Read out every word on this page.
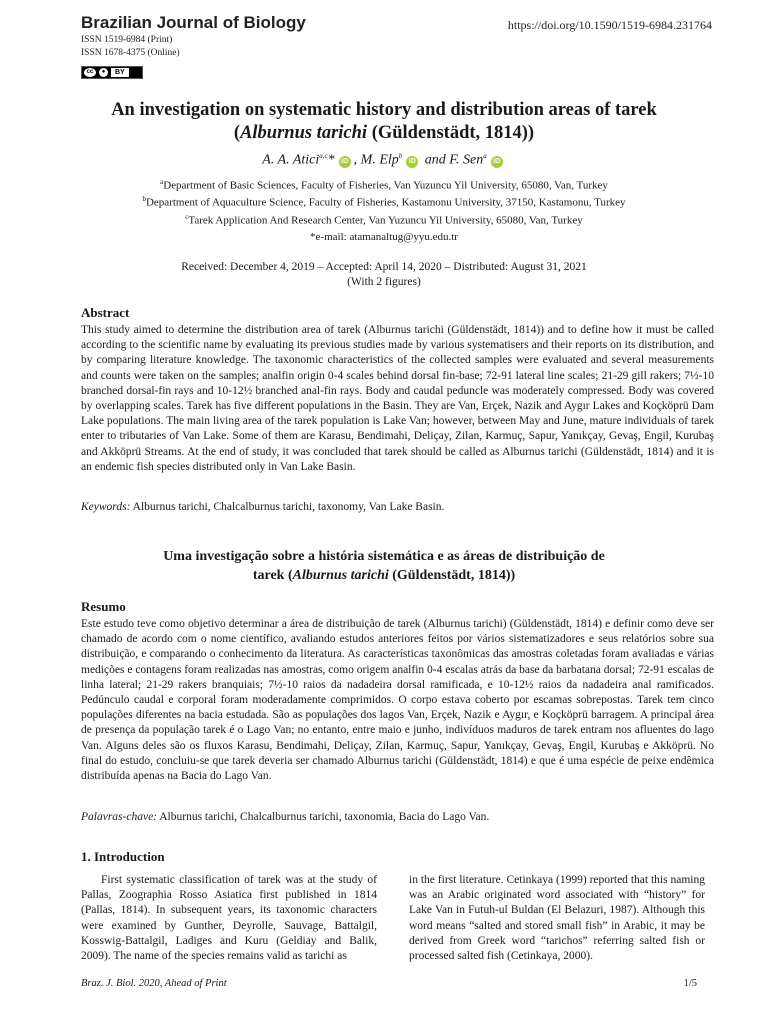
Brazilian Journal of Biology
ISSN 1519-6984 (Print)
ISSN 1678-4375 (Online)
https://doi.org/10.1590/1519-6984.231764
cc	●	BY
An investigation on systematic history and distribution areas of tarek
(Alburnus tarichi (Güldenstädt, 1814))
A. A. Atici$^{a,c}$* iD , M. Elp$^b$iD and F. Sen$^a$iD
$^a$Department of Basic Sciences, Faculty of Fisheries, Van Yuzuncu Yil University, 65080, Van, Turkey
$^b$Department of Aquaculture Science, Faculty of Fisheries, Kastamonu University, 37150, Kastamonu, Turkey
$^c$Tarek Application And Research Center, Van Yuzuncu Yil University, 65080, Van, Turkey
*e-mail: atamanaltug@yyu.edu.tr
Received: December 4, 2019 – Accepted: April 14, 2020 – Distributed: August 31, 2021
(With 2 figures)
Abstract
This study aimed to determine the distribution area of tarek (Alburnus tarichi (Güldenstädt, 1814)) and to define how it must be called according to the scientific name by evaluating its previous studies made by various systematisers and their reports on its distribution, and by comparing literature knowledge. The taxonomic characteristics of the collected samples were evaluated and several measurements and counts were taken on the samples; analfin origin 0-4 scales behind dorsal fin-base; 72-91 lateral line scales; 21-29 gill rakers; 7½-10 branched dorsal-fin rays and 10-12½ branched anal-fin rays. Body and caudal peduncle was moderately compressed. Body was covered by overlapping scales. Tarek has five different populations in the Basin. They are Van, Erçek, Nazik and Aygır Lakes and Koçköprü Dam Lake populations. The main living area of the tarek population is Lake Van; however, between May and June, mature individuals of tarek enter to tributaries of Van Lake. Some of them are Karasu, Bendimahi, Deliçay, Zilan, Karmuç, Sapur, Yanıkçay, Gevaş, Engil, Kurubaş and Akköprü Streams. At the end of study, it was concluded that tarek should be called as Alburnus tarichi (Güldenstädt, 1814) and it is an endemic fish species distributed only in Van Lake Basin.
Keywords: Alburnus tarichi, Chalcalburnus tarichi, taxonomy, Van Lake Basin.
Uma investigação sobre a história sistemática e as áreas de distribuição de
tarek (Alburnus tarichi (Güldenstädt, 1814))
Resumo
Este estudo teve como objetivo determinar a área de distribuição de tarek (Alburnus tarichi) (Güldenstädt, 1814) e definir como deve ser chamado de acordo com o nome científico, avaliando estudos anteriores feitos por vários sistematizadores e seus relatórios sobre sua distribuição, e comparando o conhecimento da literatura. As características taxonômicas das amostras coletadas foram avaliadas e várias medições e contagens foram realizadas nas amostras, como origem analfin 0-4 escalas atrás da base da barbatana dorsal; 72-91 escalas de linha lateral; 21-29 rakers branquiais; 7½-10 raios da nadadeira dorsal ramificada, e 10-12½ raios da nadadeira anal ramificados. Pedúnculo caudal e corporal foram moderadamente comprimidos. O corpo estava coberto por escamas sobrepostas. Tarek tem cinco populações diferentes na bacia estudada. São as populações dos lagos Van, Erçek, Nazik e Aygır, e Koçköprü barragem. A principal área de presença da população tarek é o Lago Van; no entanto, entre maio e junho, indivíduos maduros de tarek entram nos afluentes do lago Van. Alguns deles são os fluxos Karasu, Bendimahi, Deliçay, Zilan, Karmuç, Sapur, Yanıkçay, Gevaş, Engil, Kurubaş e Akköprü. No final do estudo, concluiu-se que tarek deveria ser chamado Alburnus tarichi (Güldenstädt, 1814) e que é uma espécie de peixe endêmica distribuída apenas na Bacia do Lago Van.
Palavras-chave: Alburnus tarichi, Chalcalburnus tarichi, taxonomia, Bacia do Lago Van.
1. Introduction
First systematic classification of tarek was at the study of Pallas, Zoographia Rosso Asiatica first published in 1814 (Pallas, 1814). In subsequent years, its taxonomic characters were examined by Gunther, Deyrolle, Sauvage, Battalgil, Kosswig-Battalgil, Ladiges and Kuru (Geldiay and Balik, 2009). The name of the species remains valid as tarichi as
in the first literature. Cetinkaya (1999) reported that this naming was an Arabic originated word associated with “history” for Lake Van in Futuh-ul Buldan (El Belazuri, 1987). Although this word means “salted and stored small fish” in Arabic, it may be derived from Greek word “tarichos” referring salted fish or processed salted fish (Cetinkaya, 2000).
Braz. J. Biol. 2020, Ahead of Print	1/5
